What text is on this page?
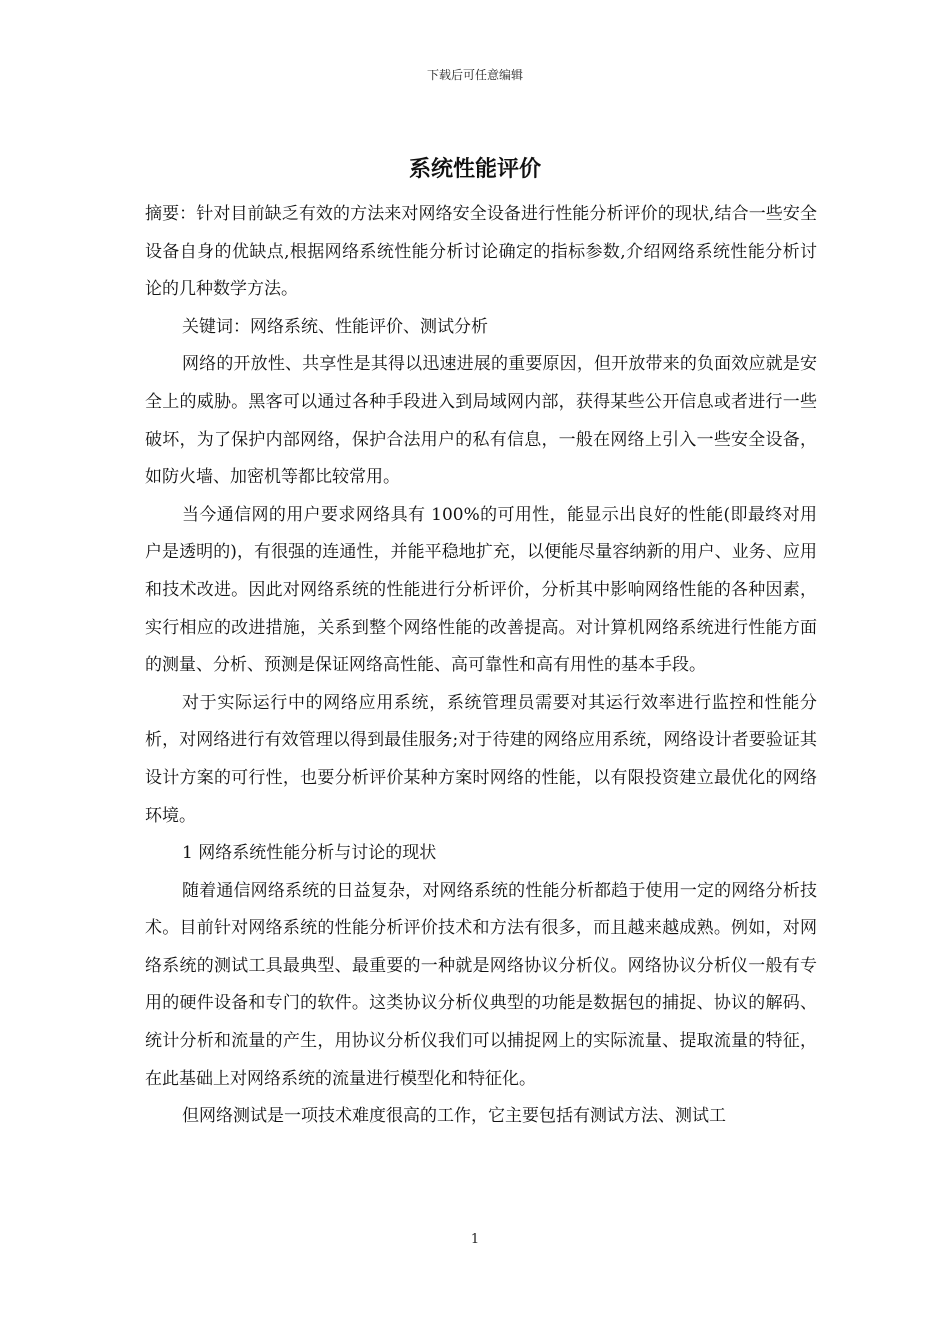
下载后可任意编辑
系统性能评价

摘要：针对目前缺乏有效的方法来对网络安全设备进行性能分析评价的现状,结合一些安全设备自身的优缺点,根据网络系统性能分析讨论确定的指标参数,介绍网络系统性能分析讨论的几种数学方法。

关键词：网络系统、性能评价、测试分析

网络的开放性、共享性是其得以迅速进展的重要原因，但开放带来的负面效应就是安全上的威胁。黑客可以通过各种手段进入到局域网内部，获得某些公开信息或者进行一些破坏，为了保护内部网络，保护合法用户的私有信息，一般在网络上引入一些安全设备，如防火墙、加密机等都比较常用。

当今通信网的用户要求网络具有 100%的可用性，能显示出良好的性能(即最终对用户是透明的)，有很强的连通性，并能平稳地扩充，以便能尽量容纳新的用户、业务、应用和技术改进。因此对网络系统的性能进行分析评价，分析其中影响网络性能的各种因素，实行相应的改进措施，关系到整个网络性能的改善提高。对计算机网络系统进行性能方面的测量、分析、预测是保证网络高性能、高可靠性和高有用性的基本手段。

对于实际运行中的网络应用系统，系统管理员需要对其运行效率进行监控和性能分析，对网络进行有效管理以得到最佳服务;对于待建的网络应用系统，网络设计者要验证其设计方案的可行性，也要分析评价某种方案时网络的性能，以有限投资建立最优化的网络环境。

1 网络系统性能分析与讨论的现状

随着通信网络系统的日益复杂，对网络系统的性能分析都趋于使用一定的网络分析技术。目前针对网络系统的性能分析评价技术和方法有很多，而且越来越成熟。例如，对网络系统的测试工具最典型、最重要的一种就是网络协议分析仪。网络协议分析仪一般有专用的硬件设备和专门的软件。这类协议分析仪典型的功能是数据包的捕捉、协议的解码、统计分析和流量的产生，用协议分析仪我们可以捕捉网上的实际流量、提取流量的特征，在此基础上对网络系统的流量进行模型化和特征化。

但网络测试是一项技术难度很高的工作，它主要包括有测试方法、测试工

1
